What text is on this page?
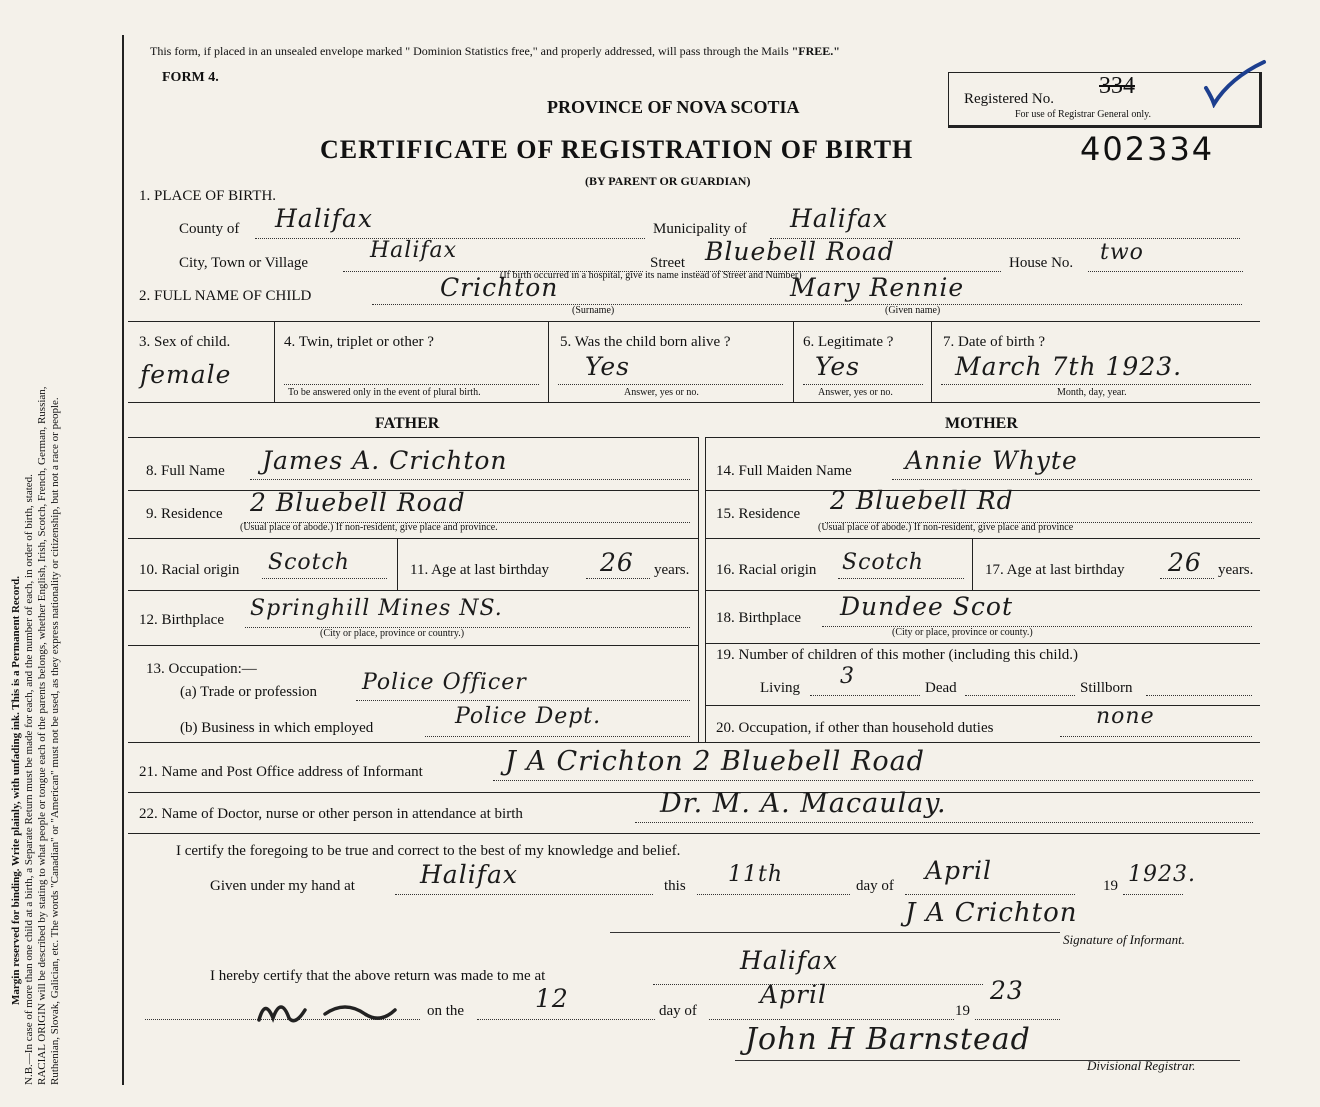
Margin reserved for binding. Write plainly, with unfading ink. This is a Permanent Record. N.B.—In case of more than one child at a birth, a Separate Return must be made for each, and the number of each, in order of birth, stated. RACIAL ORIGIN will be described by stating to what people or tongue each of the parents belongs, whether English, Irish, Scotch, French, German, Russian, Ruthenian, Slovak, Galician, etc. The words "Canadian" or "American" must not be used, as they express nationality or citizenship, but not a race or people.
This form, if placed in an unsealed envelope marked " Dominion Statistics free," and properly addressed, will pass through the Mails "FREE."
FORM 4.
PROVINCE OF NOVA SCOTIA	Registered No. 334
For use of Registrar General only.
CERTIFICATE OF REGISTRATION OF BIRTH	402334
(BY PARENT OR GUARDIAN)
1. PLACE OF BIRTH.
County of Halifax	Municipality of Halifax
City, Town or Village	Halifax	Street Bluebell Road	House No. two
(If birth occurred in a hospital, give its name instead of Street and Number)
2. FULL NAME OF CHILD	Crichton	Mary Rennie
(Surname)	(Given name)
3. Sex of child.
female
4. Twin, triplet or other ?
To be answered only in the event of plural birth.
5. Was the child born alive ?
Yes
Answer, yes or no.
6. Legitimate ?
Yes
Answer, yes or no.
7. Date of birth ?
March 7th 1923.
Month, day, year.
FATHER	MOTHER
8. Full Name James A. Crichton
9. Residence 2 Bluebell Road
(Usual place of abode.) If non-resident, give place and province.
10. Racial origin Scotch	11. Age at last birthday 26 years.
12. Birthplace Springhill Mines NS.
(City or place, province or country.)
13. Occupation:—
(a) Trade or profession Police Officer
(b) Business in which employed	Police Dept.
14. Full Maiden Name Annie Whyte
15. Residence 2 Bluebell Rd
(Usual place of abode.) If non-resident, give place and province
16. Racial origin Scotch	17. Age at last birthday 26 years.
18. Birthplace Dundee Scot
(City or place, province or county.)
19. Number of children of this mother (including this child.)
Living 3	Dead	Stillborn
20. Occupation, if other than household duties	none
21. Name and Post Office address of Informant	J A Crichton 2 Bluebell Road
22. Name of Doctor, nurse or other person in attendance at birth	Dr. M. A. Macaulay.
I certify the foregoing to be true and correct to the best of my knowledge and belief.
Given under my hand at	Halifax	this 11th	day of
April
19 1923.
J A Crichton
Signature of Informant.
I hereby certify that the above return was made to me at
Halifax
on the	12	day of
April
19
23
John H Barnstead
Divisional Registrar.
